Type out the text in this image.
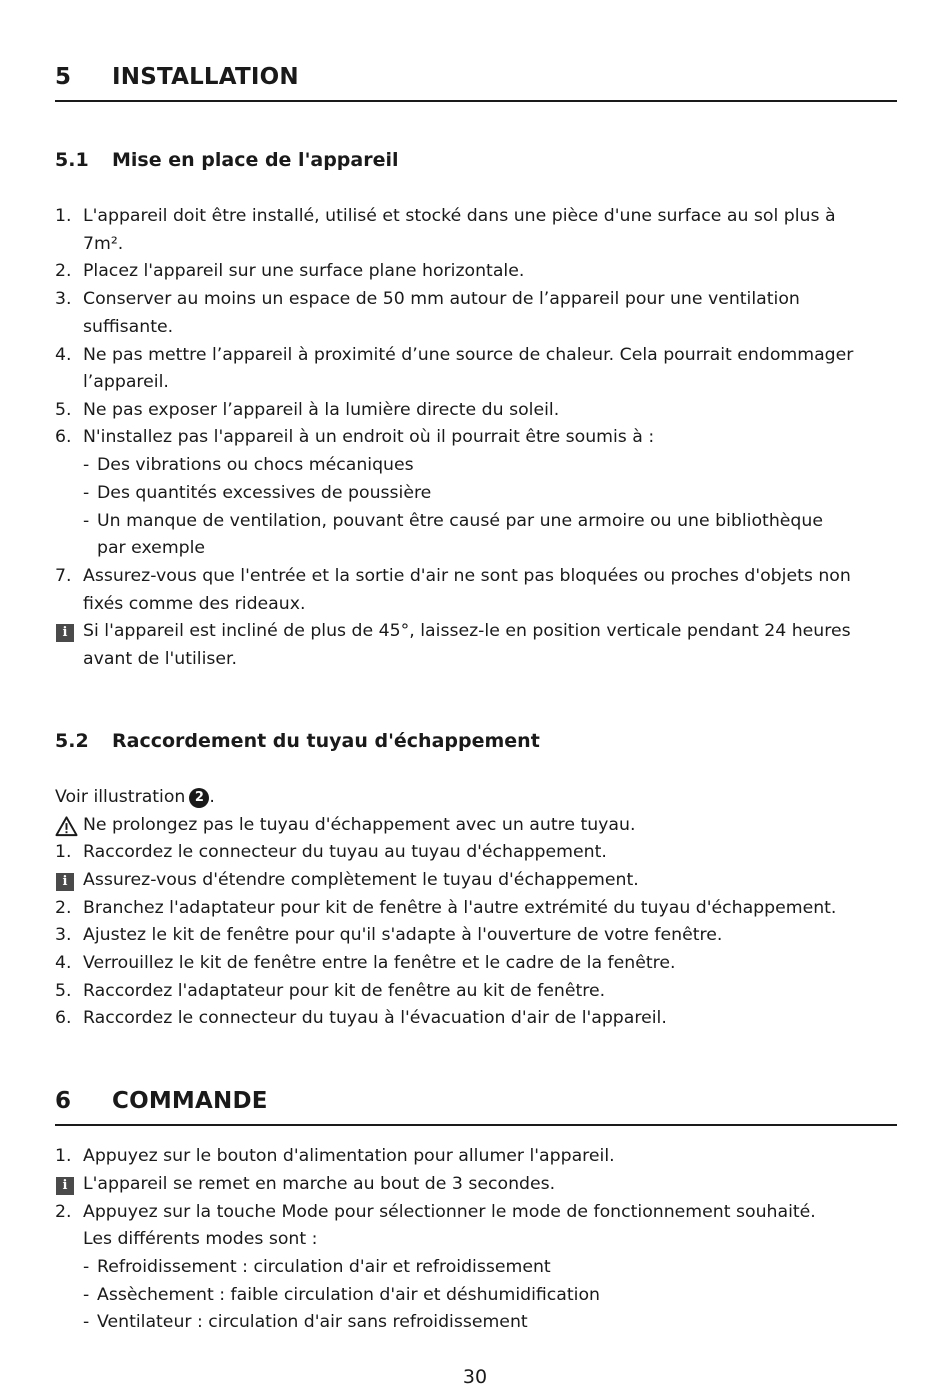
5 INSTALLATION
5.1 Mise en place de l'appareil
1. L'appareil doit être installé, utilisé et stocké dans une pièce d'une surface au sol plus à
7m².
2. Placez l'appareil sur une surface plane horizontale.
3. Conserver au moins un espace de 50 mm autour de l’appareil pour une ventilation
suffisante.
4. Ne pas mettre l’appareil à proximité d’une source de chaleur. Cela pourrait endommager
l’appareil.
5. Ne pas exposer l’appareil à la lumière directe du soleil.
6. N'installez pas l'appareil à un endroit où il pourrait être soumis à :
- Des vibrations ou chocs mécaniques
- Des quantités excessives de poussière
- Un manque de ventilation, pouvant être causé par une armoire ou une bibliothèque
par exemple
7. Assurez-vous que l'entrée et la sortie d'air ne sont pas bloquées ou proches d'objets non
fixés comme des rideaux.
i Si l'appareil est incliné de plus de 45°, laissez-le en position verticale pendant 24 heures
avant de l'utiliser.
5.2 Raccordement du tuyau d'échappement
Voir illustration 2 .
Ne prolongez pas le tuyau d'échappement avec un autre tuyau.
1. Raccordez le connecteur du tuyau au tuyau d'échappement.
i Assurez-vous d'étendre complètement le tuyau d'échappement.
2. Branchez l'adaptateur pour kit de fenêtre à l'autre extrémité du tuyau d'échappement.
3. Ajustez le kit de fenêtre pour qu'il s'adapte à l'ouverture de votre fenêtre.
4. Verrouillez le kit de fenêtre entre la fenêtre et le cadre de la fenêtre.
5. Raccordez l'adaptateur pour kit de fenêtre au kit de fenêtre.
6. Raccordez le connecteur du tuyau à l'évacuation d'air de l'appareil.
6 COMMANDE
1. Appuyez sur le bouton d'alimentation pour allumer l'appareil.
i L'appareil se remet en marche au bout de 3 secondes.
2. Appuyez sur la touche Mode pour sélectionner le mode de fonctionnement souhaité.
Les différents modes sont :
- Refroidissement : circulation d'air et refroidissement
- Assèchement : faible circulation d'air et déshumidification
- Ventilateur : circulation d'air sans refroidissement
30
